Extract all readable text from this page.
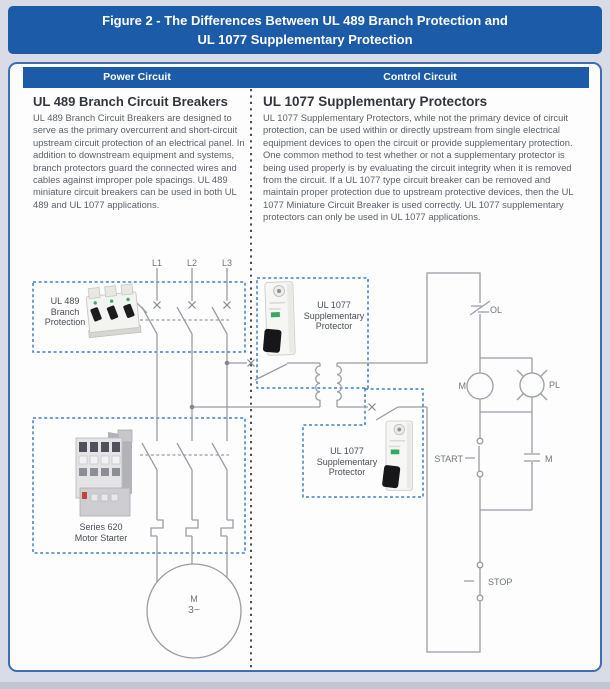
Figure 2 - The Differences Between UL 489 Branch Protection and
UL 1077 Supplementary Protection
Power Circuit	Control Circuit
UL 489 Branch Circuit Breakers

UL 489 Branch Circuit Breakers are designed to serve as the primary overcurrent and short-circuit upstream circuit protection of an electrical panel. In addition to downstream equipment and systems, branch protectors guard the connected wires and cables against improper pole spacings. UL 489 miniature circuit breakers can be used in both UL 489 and UL 1077 applications.

UL 1077 Supplementary Protectors

UL 1077 Supplementary Protectors, while not the primary device of circuit protection, can be used within or directly upstream from single electrical equipment devices to open the circuit or provide supplementary protection. One common method to test whether or not a supplementary protector is being used properly is by evaluating the circuit integrity when it is removed from the circuit. If a UL 1077 type circuit breaker can be removed and maintain proper protection due to upstream protective devices, then the UL 1077 Miniature Circuit Breaker is used correctly. UL 1077 supplementary protectors can only be used in UL 1077 applications.

L1	L2	L3
UL 489
Branch
Protection
Series 620
Motor Starter
M
3~
UL 1077
Supplementary
Protector
UL 1077
Supplementary
Protector
OL
M	PL
START	M
STOP
